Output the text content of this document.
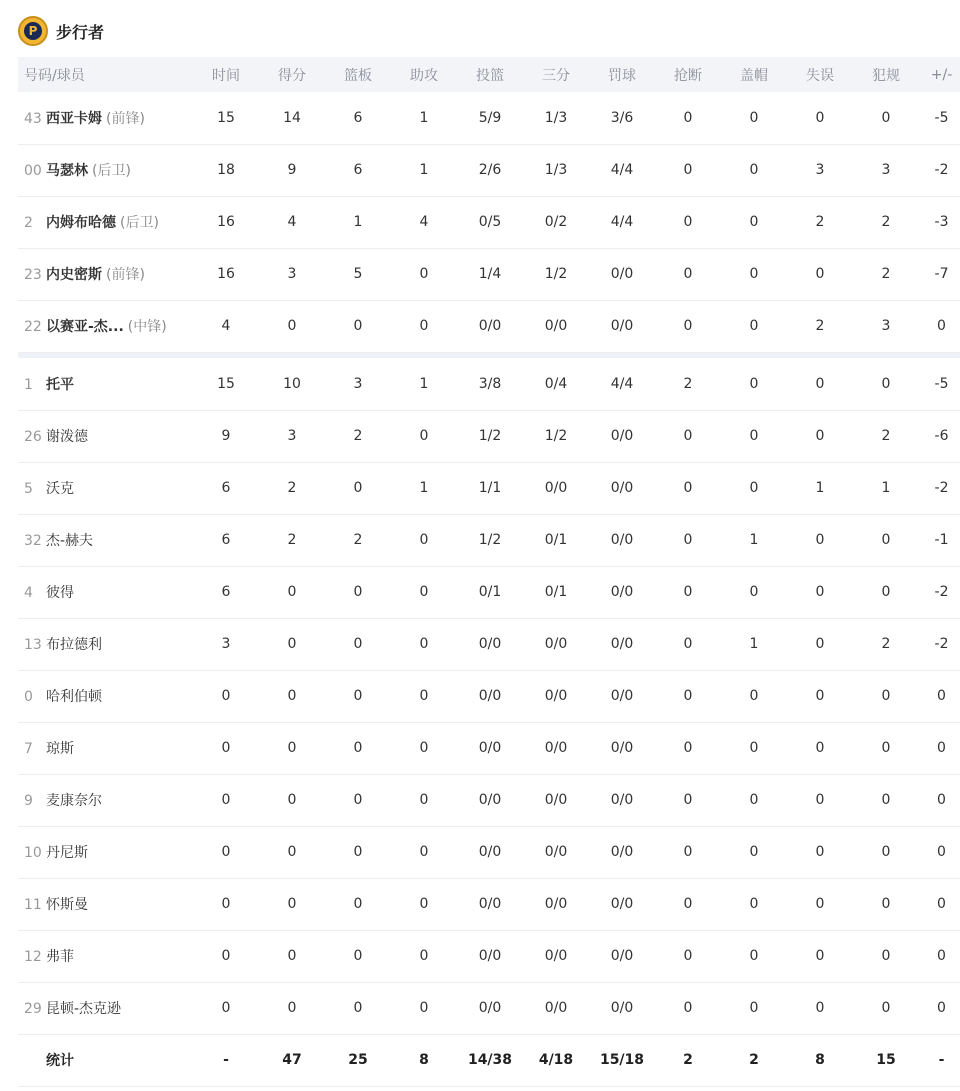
P 步行者
号码/球员	时间	得分	篮板	助攻	投篮	三分	罚球	抢断	盖帽	失误	犯规	+/-
43 西亚卡姆 (前锋)	15	14	6	1	5/9	1/3	3/6	0	0	0	0	-5
00 马瑟林 (后卫)	18	9	6	1	2/6	1/3	4/4	0	0	3	3	-2
2 内姆布哈德 (后卫)	16	4	1	4	0/5	0/2	4/4	0	0	2	2	-3
23 内史密斯 (前锋)	16	3	5	0	1/4	1/2	0/0	0	0	0	2	-7
22 以赛亚-杰... (中锋)	4	0	0	0	0/0	0/0	0/0	0	0	2	3	0

1 托平	15	10	3	1	3/8	0/4	4/4	2	0	0	0	-5
26 谢泼德	9	3	2	0	1/2	1/2	0/0	0	0	0	2	-6
5 沃克	6	2	0	1	1/1	0/0	0/0	0	0	1	1	-2
32 杰-赫夫	6	2	2	0	1/2	0/1	0/0	0	1	0	0	-1
4 彼得	6	0	0	0	0/1	0/1	0/0	0	0	0	0	-2
13 布拉德利	3	0	0	0	0/0	0/0	0/0	0	1	0	2	-2
0 哈利伯顿	0	0	0	0	0/0	0/0	0/0	0	0	0	0	0
7 琼斯	0	0	0	0	0/0	0/0	0/0	0	0	0	0	0
9 麦康奈尔	0	0	0	0	0/0	0/0	0/0	0	0	0	0	0
10 丹尼斯	0	0	0	0	0/0	0/0	0/0	0	0	0	0	0
11 怀斯曼	0	0	0	0	0/0	0/0	0/0	0	0	0	0	0
12 弗菲	0	0	0	0	0/0	0/0	0/0	0	0	0	0	0
29 昆顿-杰克逊	0	0	0	0	0/0	0/0	0/0	0	0	0	0	0
统计	-	47	25	8	14/38	4/18	15/18	2	2	8	15	-
